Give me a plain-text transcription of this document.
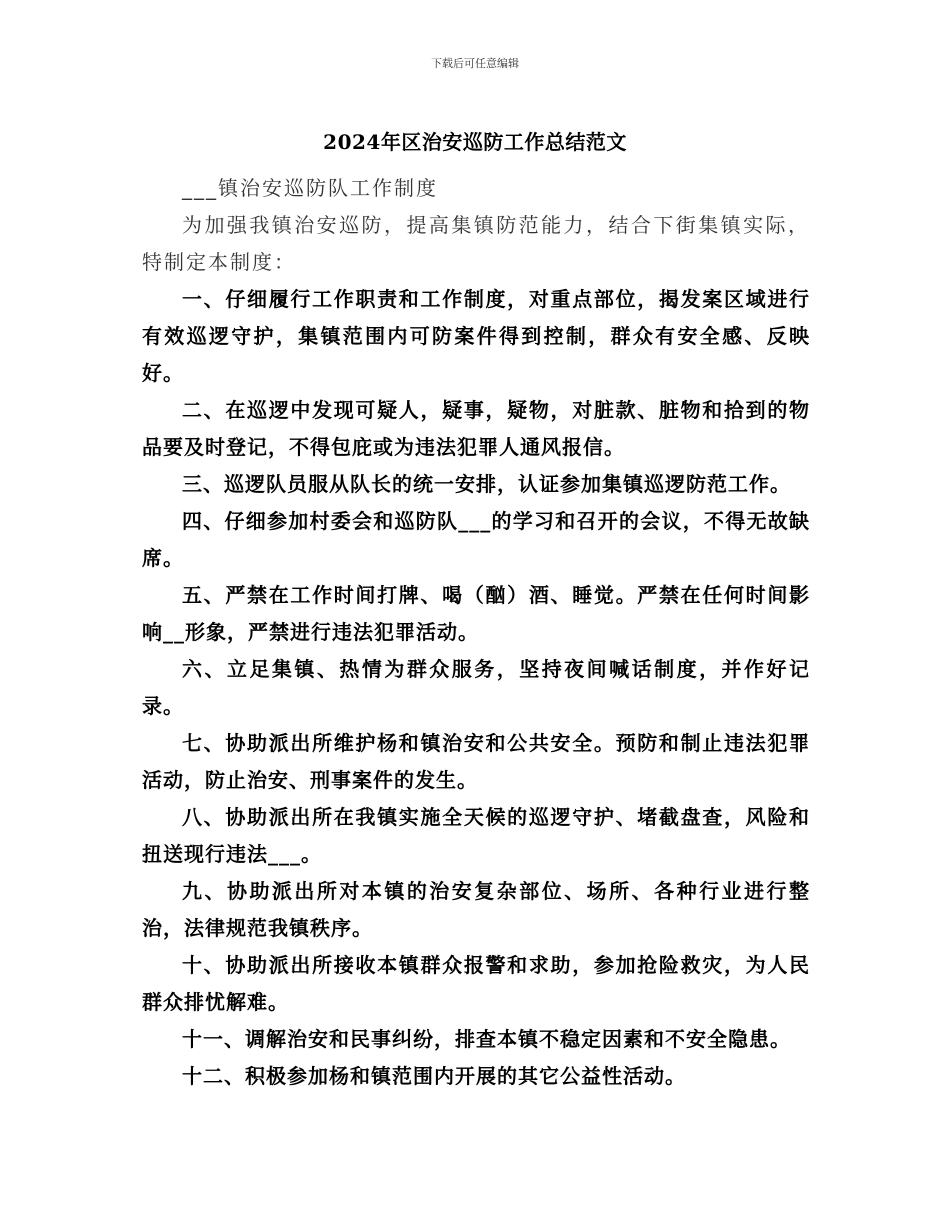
下载后可任意编辑
2024年区治安巡防工作总结范文

___镇治安巡防队工作制度

为加强我镇治安巡防，提高集镇防范能力，结合下街集镇实际，特制定本制度：

一、仔细履行工作职责和工作制度，对重点部位，揭发案区域进行有效巡逻守护，集镇范围内可防案件得到控制，群众有安全感、反映好。

二、在巡逻中发现可疑人，疑事，疑物，对脏款、脏物和拾到的物品要及时登记，不得包庇或为违法犯罪人通风报信。

三、巡逻队员服从队长的统一安排，认证参加集镇巡逻防范工作。

四、仔细参加村委会和巡防队___的学习和召开的会议，不得无故缺席。

五、严禁在工作时间打牌、喝（酗）酒、睡觉。严禁在任何时间影响__形象，严禁进行违法犯罪活动。

六、立足集镇、热情为群众服务，坚持夜间喊话制度，并作好记录。

七、协助派出所维护杨和镇治安和公共安全。预防和制止违法犯罪活动，防止治安、刑事案件的发生。

八、协助派出所在我镇实施全天候的巡逻守护、堵截盘查，风险和扭送现行违法___。

九、协助派出所对本镇的治安复杂部位、场所、各种行业进行整治，法律规范我镇秩序。

十、协助派出所接收本镇群众报警和求助，参加抢险救灾，为人民群众排忧解难。

十一、调解治安和民事纠纷，排查本镇不稳定因素和不安全隐患。

十二、积极参加杨和镇范围内开展的其它公益性活动。
